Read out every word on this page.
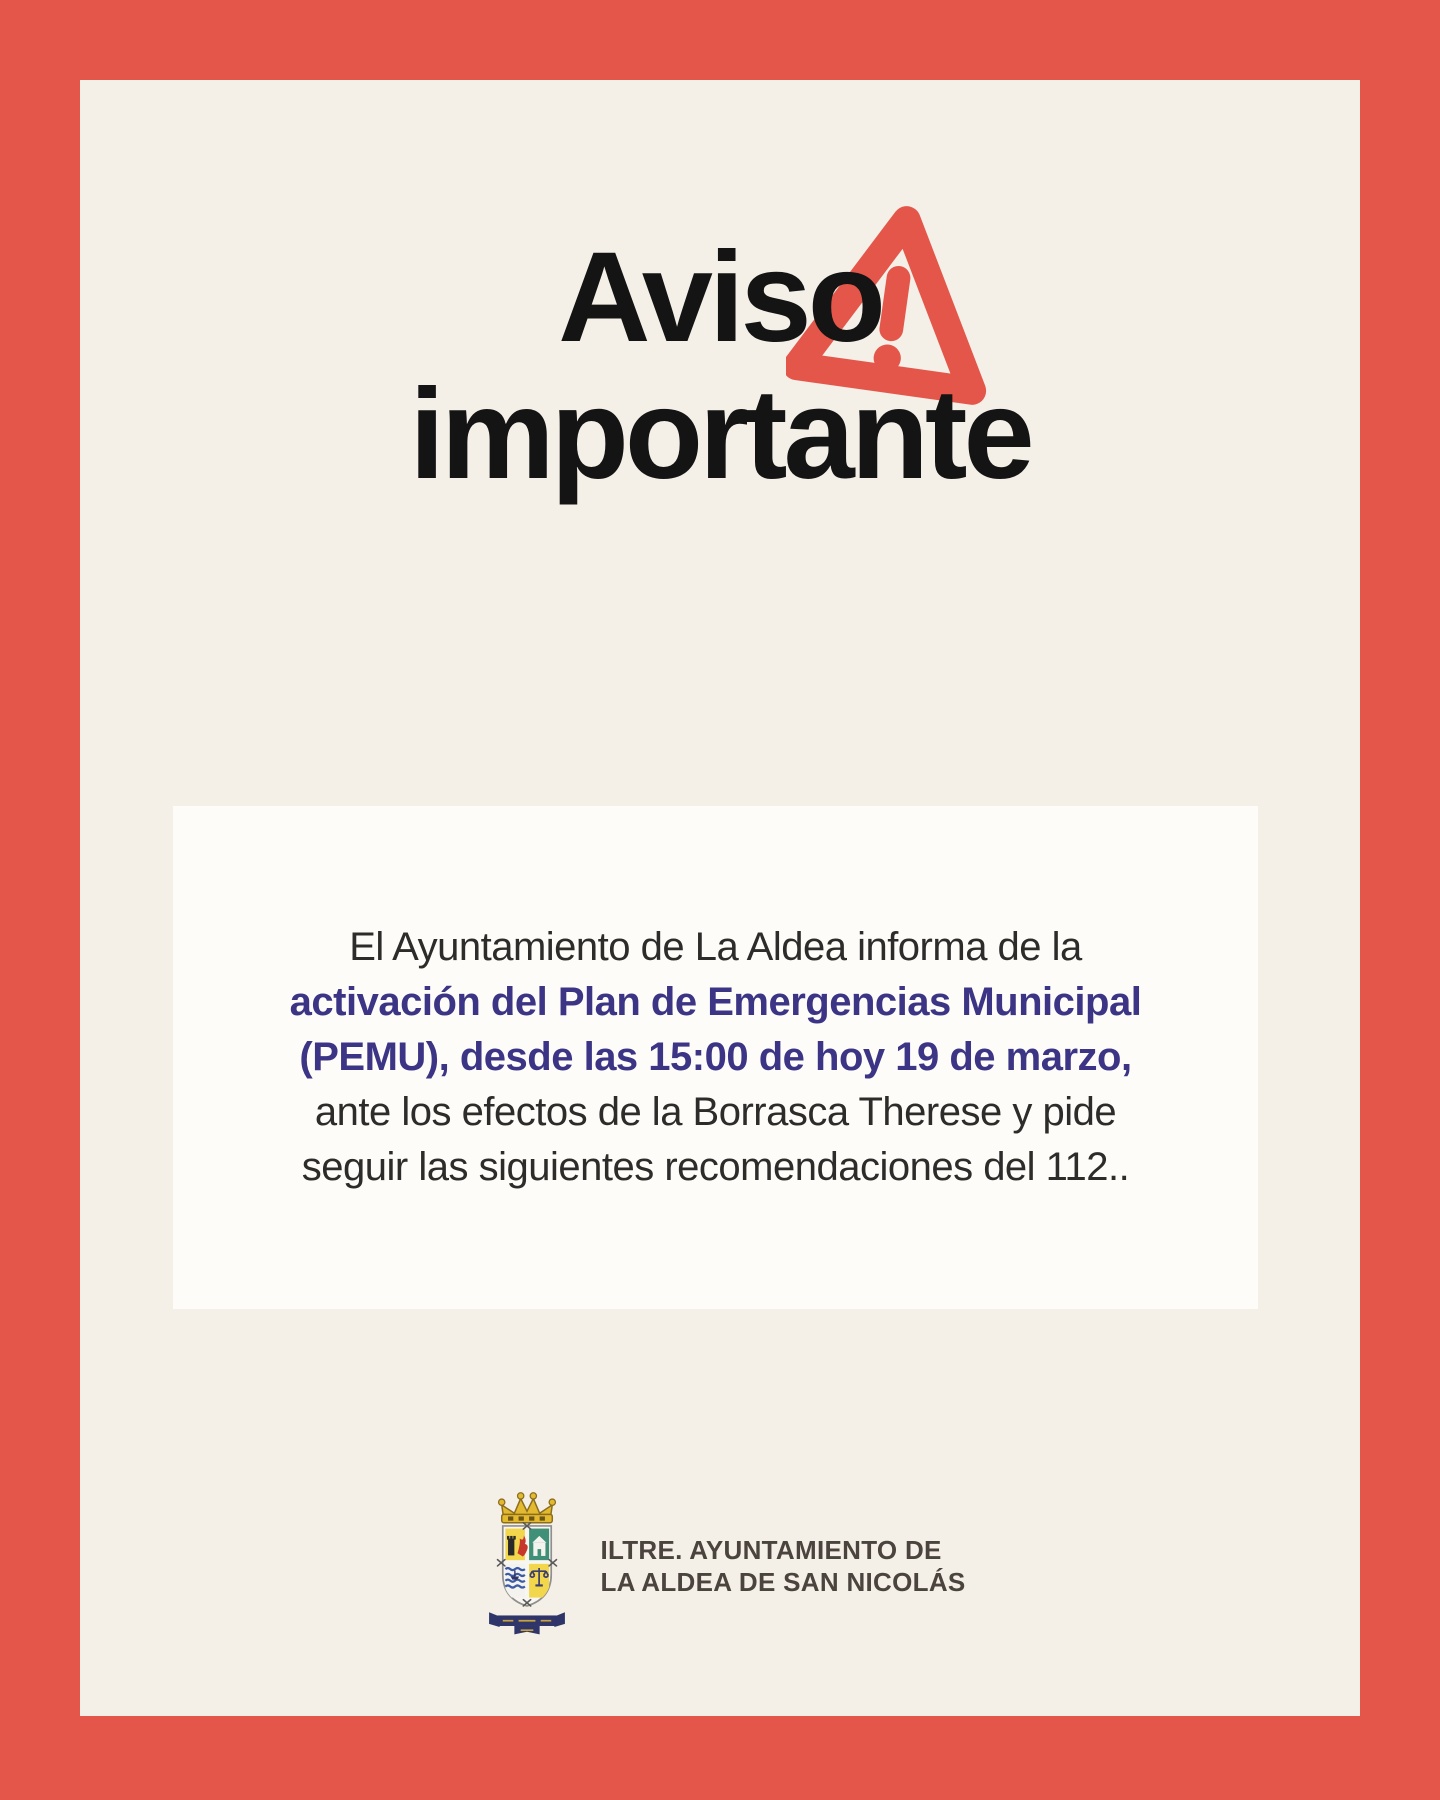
Aviso
importante

El Ayuntamiento de La Aldea informa de la

activación del Plan de Emergencias Municipal

(PEMU), desde las 15:00 de hoy 19 de marzo,

ante los efectos de la Borrasca Therese y pide

seguir las siguientes recomendaciones del 112..

ILTRE. AYUNTAMIENTO DE
LA ALDEA DE SAN NICOLÁS
